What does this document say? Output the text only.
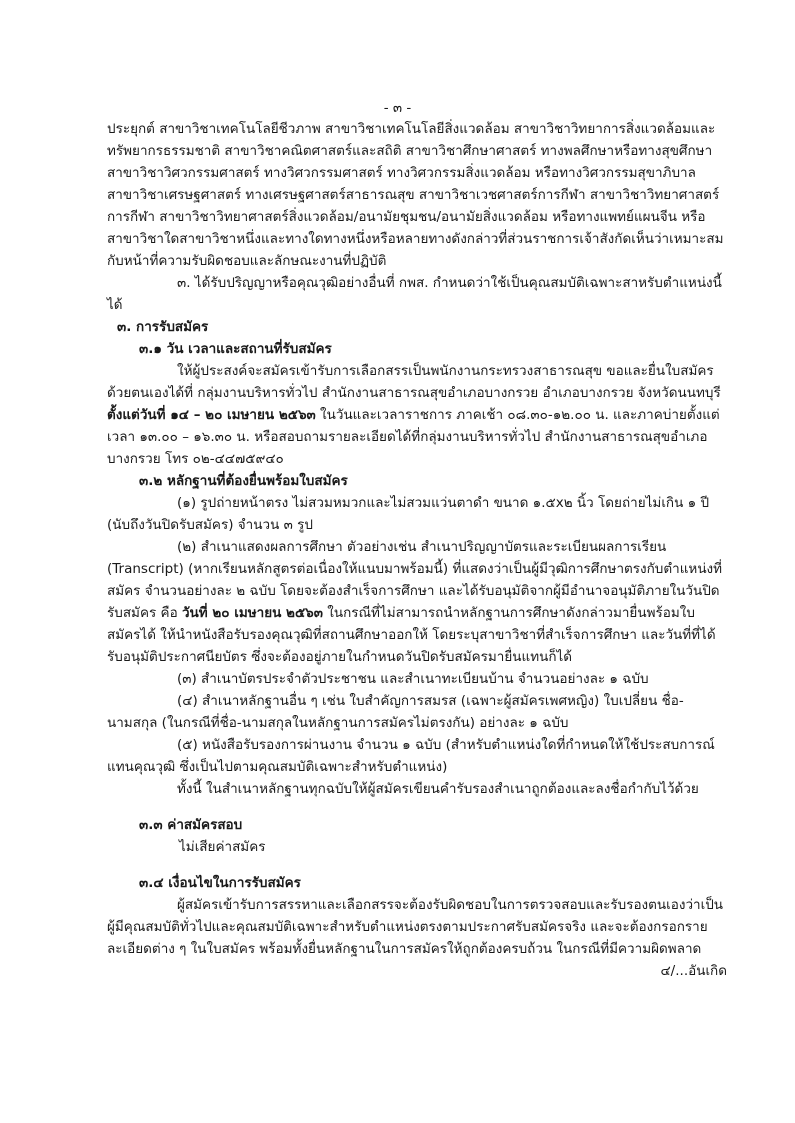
- ๓ -

ประยุกต์ สาขาวิชาเทคโนโลยีชีวภาพ สาขาวิชาเทคโนโลยีสิ่งแวดล้อม สาขาวิชาวิทยาการสิ่งแวดล้อมและทรัพยากรธรรมชาติ สาขาวิชาคณิตศาสตร์และสถิติ สาขาวิชาศึกษาศาสตร์ ทางพลศึกษาหรือทางสุขศึกษา สาขาวิชาวิศวกรรมศาสตร์ ทางวิศวกรรมศาสตร์ ทางวิศวกรรมสิ่งแวดล้อม หรือทางวิศวกรรมสุขาภิบาล สาขาวิชาเศรษฐศาสตร์ ทางเศรษฐศาสตร์สาธารณสุข สาขาวิชาเวชศาสตร์การกีฬา สาขาวิชาวิทยาศาสตร์การกีฬา สาขาวิชาวิทยาศาสตร์สิ่งแวดล้อม/อนามัยชุมชน/อนามัยสิ่งแวดล้อม หรือทางแพทย์แผนจีน หรือสาขาวิชาใดสาขาวิชาหนึ่งและทางใดทางหนึ่งหรือหลายทางดังกล่าวที่ส่วนราชการเจ้าสังกัดเห็นว่าเหมาะสมกับหน้าที่ความรับผิดชอบและลักษณะงานที่ปฏิบัติ

๓. ได้รับปริญญาหรือคุณวุฒิอย่างอื่นที่ กพส. กำหนดว่าใช้เป็นคุณสมบัติเฉพาะสาหรับตำแหน่งนี้ได้

๓. การรับสมัคร

๓.๑ วัน เวลาและสถานที่รับสมัคร

ให้ผู้ประสงค์จะสมัครเข้ารับการเลือกสรรเป็นพนักงานกระทรวงสาธารณสุข ขอและยื่นใบสมัครด้วยตนเองได้ที่ กลุ่มงานบริหารทั่วไป สำนักงานสาธารณสุขอำเภอบางกรวย อำเภอบางกรวย จังหวัดนนทบุรี ตั้งแต่วันที่ ๑๔ – ๒๐ เมษายน ๒๕๖๓ ในวันและเวลาราชการ ภาคเช้า ๐๘.๓๐-๑๒.๐๐ น. และภาคบ่ายตั้งแต่เวลา ๑๓.๐๐ – ๑๖.๓๐ น. หรือสอบถามรายละเอียดได้ที่กลุ่มงานบริหารทั่วไป สำนักงานสาธารณสุขอำเภอบางกรวย โทร ๐๒-๔๔๗๕๙๔๐

๓.๒ หลักฐานที่ต้องยื่นพร้อมใบสมัคร

(๑) รูปถ่ายหน้าตรง ไม่สวมหมวกและไม่สวมแว่นตาดำ ขนาด ๑.๕x๒ นิ้ว โดยถ่ายไม่เกิน ๑ ปี (นับถึงวันปิดรับสมัคร) จำนวน ๓ รูป

(๒) สำเนาแสดงผลการศึกษา ตัวอย่างเช่น สำเนาปริญญาบัตรและระเบียนผลการเรียน (Transcript) (หากเรียนหลักสูตรต่อเนื่องให้แนบมาพร้อมนี้) ที่แสดงว่าเป็นผู้มีวุฒิการศึกษาตรงกับตำแหน่งที่สมัคร จำนวนอย่างละ ๒ ฉบับ โดยจะต้องสำเร็จการศึกษา และได้รับอนุมัติจากผู้มีอำนาจอนุมัติภายในวันปิดรับสมัคร คือ วันที่ ๒๐ เมษายน ๒๕๖๓ ในกรณีที่ไม่สามารถนำหลักฐานการศึกษาดังกล่าวมายื่นพร้อมใบสมัครได้ ให้นำหนังสือรับรองคุณวุฒิที่สถานศึกษาออกให้ โดยระบุสาขาวิชาที่สำเร็จการศึกษา และวันที่ที่ได้รับอนุมัติประกาศนียบัตร ซึ่งจะต้องอยู่ภายในกำหนดวันปิดรับสมัครมายื่นแทนก็ได้

(๓) สำเนาบัตรประจำตัวประชาชน และสำเนาทะเบียนบ้าน จำนวนอย่างละ ๑ ฉบับ

(๔) สำเนาหลักฐานอื่น ๆ เช่น ใบสำคัญการสมรส (เฉพาะผู้สมัครเพศหญิง) ใบเปลี่ยน ชื่อ-นามสกุล (ในกรณีที่ชื่อ-นามสกุลในหลักฐานการสมัครไม่ตรงกัน) อย่างละ ๑ ฉบับ

(๕) หนังสือรับรองการผ่านงาน จำนวน ๑ ฉบับ (สำหรับตำแหน่งใดที่กำหนดให้ใช้ประสบการณ์แทนคุณวุฒิ ซึ่งเป็นไปตามคุณสมบัติเฉพาะสำหรับตำแหน่ง)

ทั้งนี้ ในสำเนาหลักฐานทุกฉบับให้ผู้สมัครเขียนคำรับรองสำเนาถูกต้องและลงชื่อกำกับไว้ด้วย

๓.๓ ค่าสมัครสอบ

ไม่เสียค่าสมัคร

๓.๔ เงื่อนไขในการรับสมัคร

ผู้สมัครเข้ารับการสรรหาและเลือกสรรจะต้องรับผิดชอบในการตรวจสอบและรับรองตนเองว่าเป็นผู้มีคุณสมบัติทั่วไปและคุณสมบัติเฉพาะสำหรับตำแหน่งตรงตามประกาศรับสมัครจริง และจะต้องกรอกรายละเอียดต่าง ๆ ในใบสมัคร พร้อมทั้งยื่นหลักฐานในการสมัครให้ถูกต้องครบถ้วน ในกรณีที่มีความผิดพลาด

๔/...อันเกิด
